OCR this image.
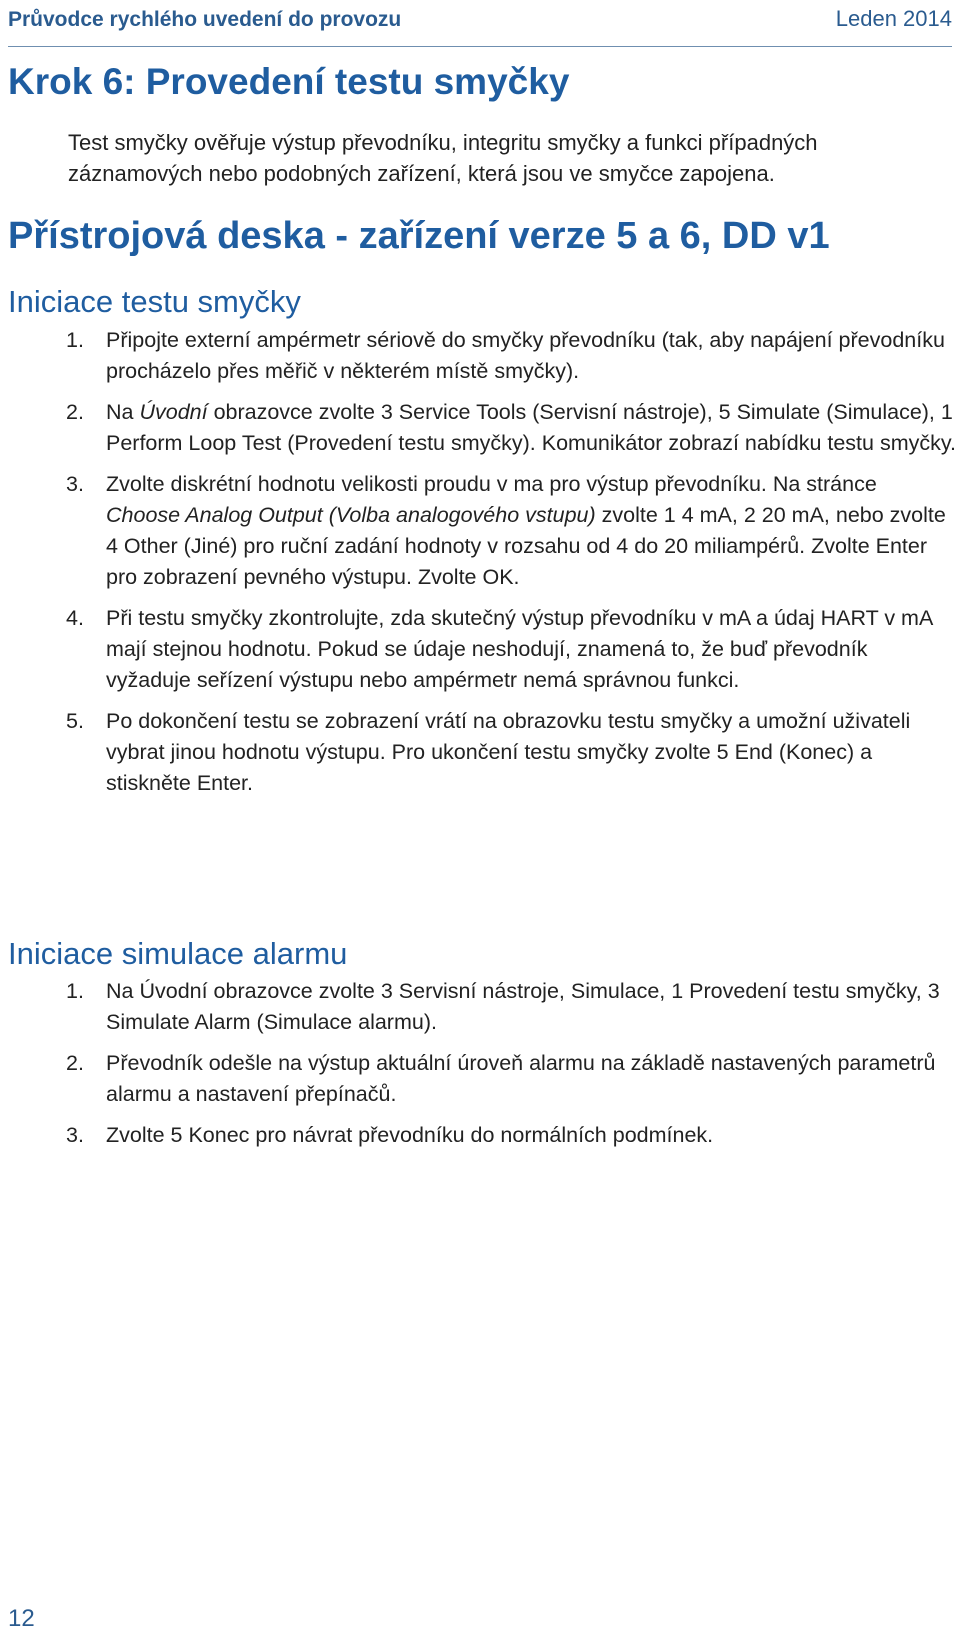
Průvodce rychlého uvedení do provozu	Leden 2014
Krok 6: Provedení testu smyčky
Test smyčky ověřuje výstup převodníku, integritu smyčky a funkci případných záznamových nebo podobných zařízení, která jsou ve smyčce zapojena.
Přístrojová deska - zařízení verze 5 a 6, DD v1
Iniciace testu smyčky
1. Připojte externí ampérmetr sériově do smyčky převodníku (tak, aby napájení převodníku procházelo přes měřič v některém místě smyčky).
2. Na Úvodní obrazovce zvolte 3 Service Tools (Servisní nástroje), 5 Simulate (Simulace), 1 Perform Loop Test (Provedení testu smyčky). Komunikátor zobrazí nabídku testu smyčky.
3. Zvolte diskrétní hodnotu velikosti proudu v ma pro výstup převodníku. Na stránce Choose Analog Output (Volba analogového vstupu) zvolte 1 4 mA, 2 20 mA, nebo zvolte 4 Other (Jiné) pro ruční zadání hodnoty v rozsahu od 4 do 20 miliampérů. Zvolte Enter pro zobrazení pevného výstupu. Zvolte OK.
4. Při testu smyčky zkontrolujte, zda skutečný výstup převodníku v mA a údaj HART v mA mají stejnou hodnotu. Pokud se údaje neshodují, znamená to, že buď převodník vyžaduje seřízení výstupu nebo ampérmetr nemá správnou funkci.
5. Po dokončení testu se zobrazení vrátí na obrazovku testu smyčky a umožní uživateli vybrat jinou hodnotu výstupu. Pro ukončení testu smyčky zvolte 5 End (Konec) a stiskněte Enter.
Iniciace simulace alarmu
1. Na Úvodní obrazovce zvolte 3 Servisní nástroje, Simulace, 1 Provedení testu smyčky, 3 Simulate Alarm (Simulace alarmu).
2. Převodník odešle na výstup aktuální úroveň alarmu na základě nastavených parametrů alarmu a nastavení přepínačů.
3. Zvolte 5 Konec pro návrat převodníku do normálních podmínek.
12
